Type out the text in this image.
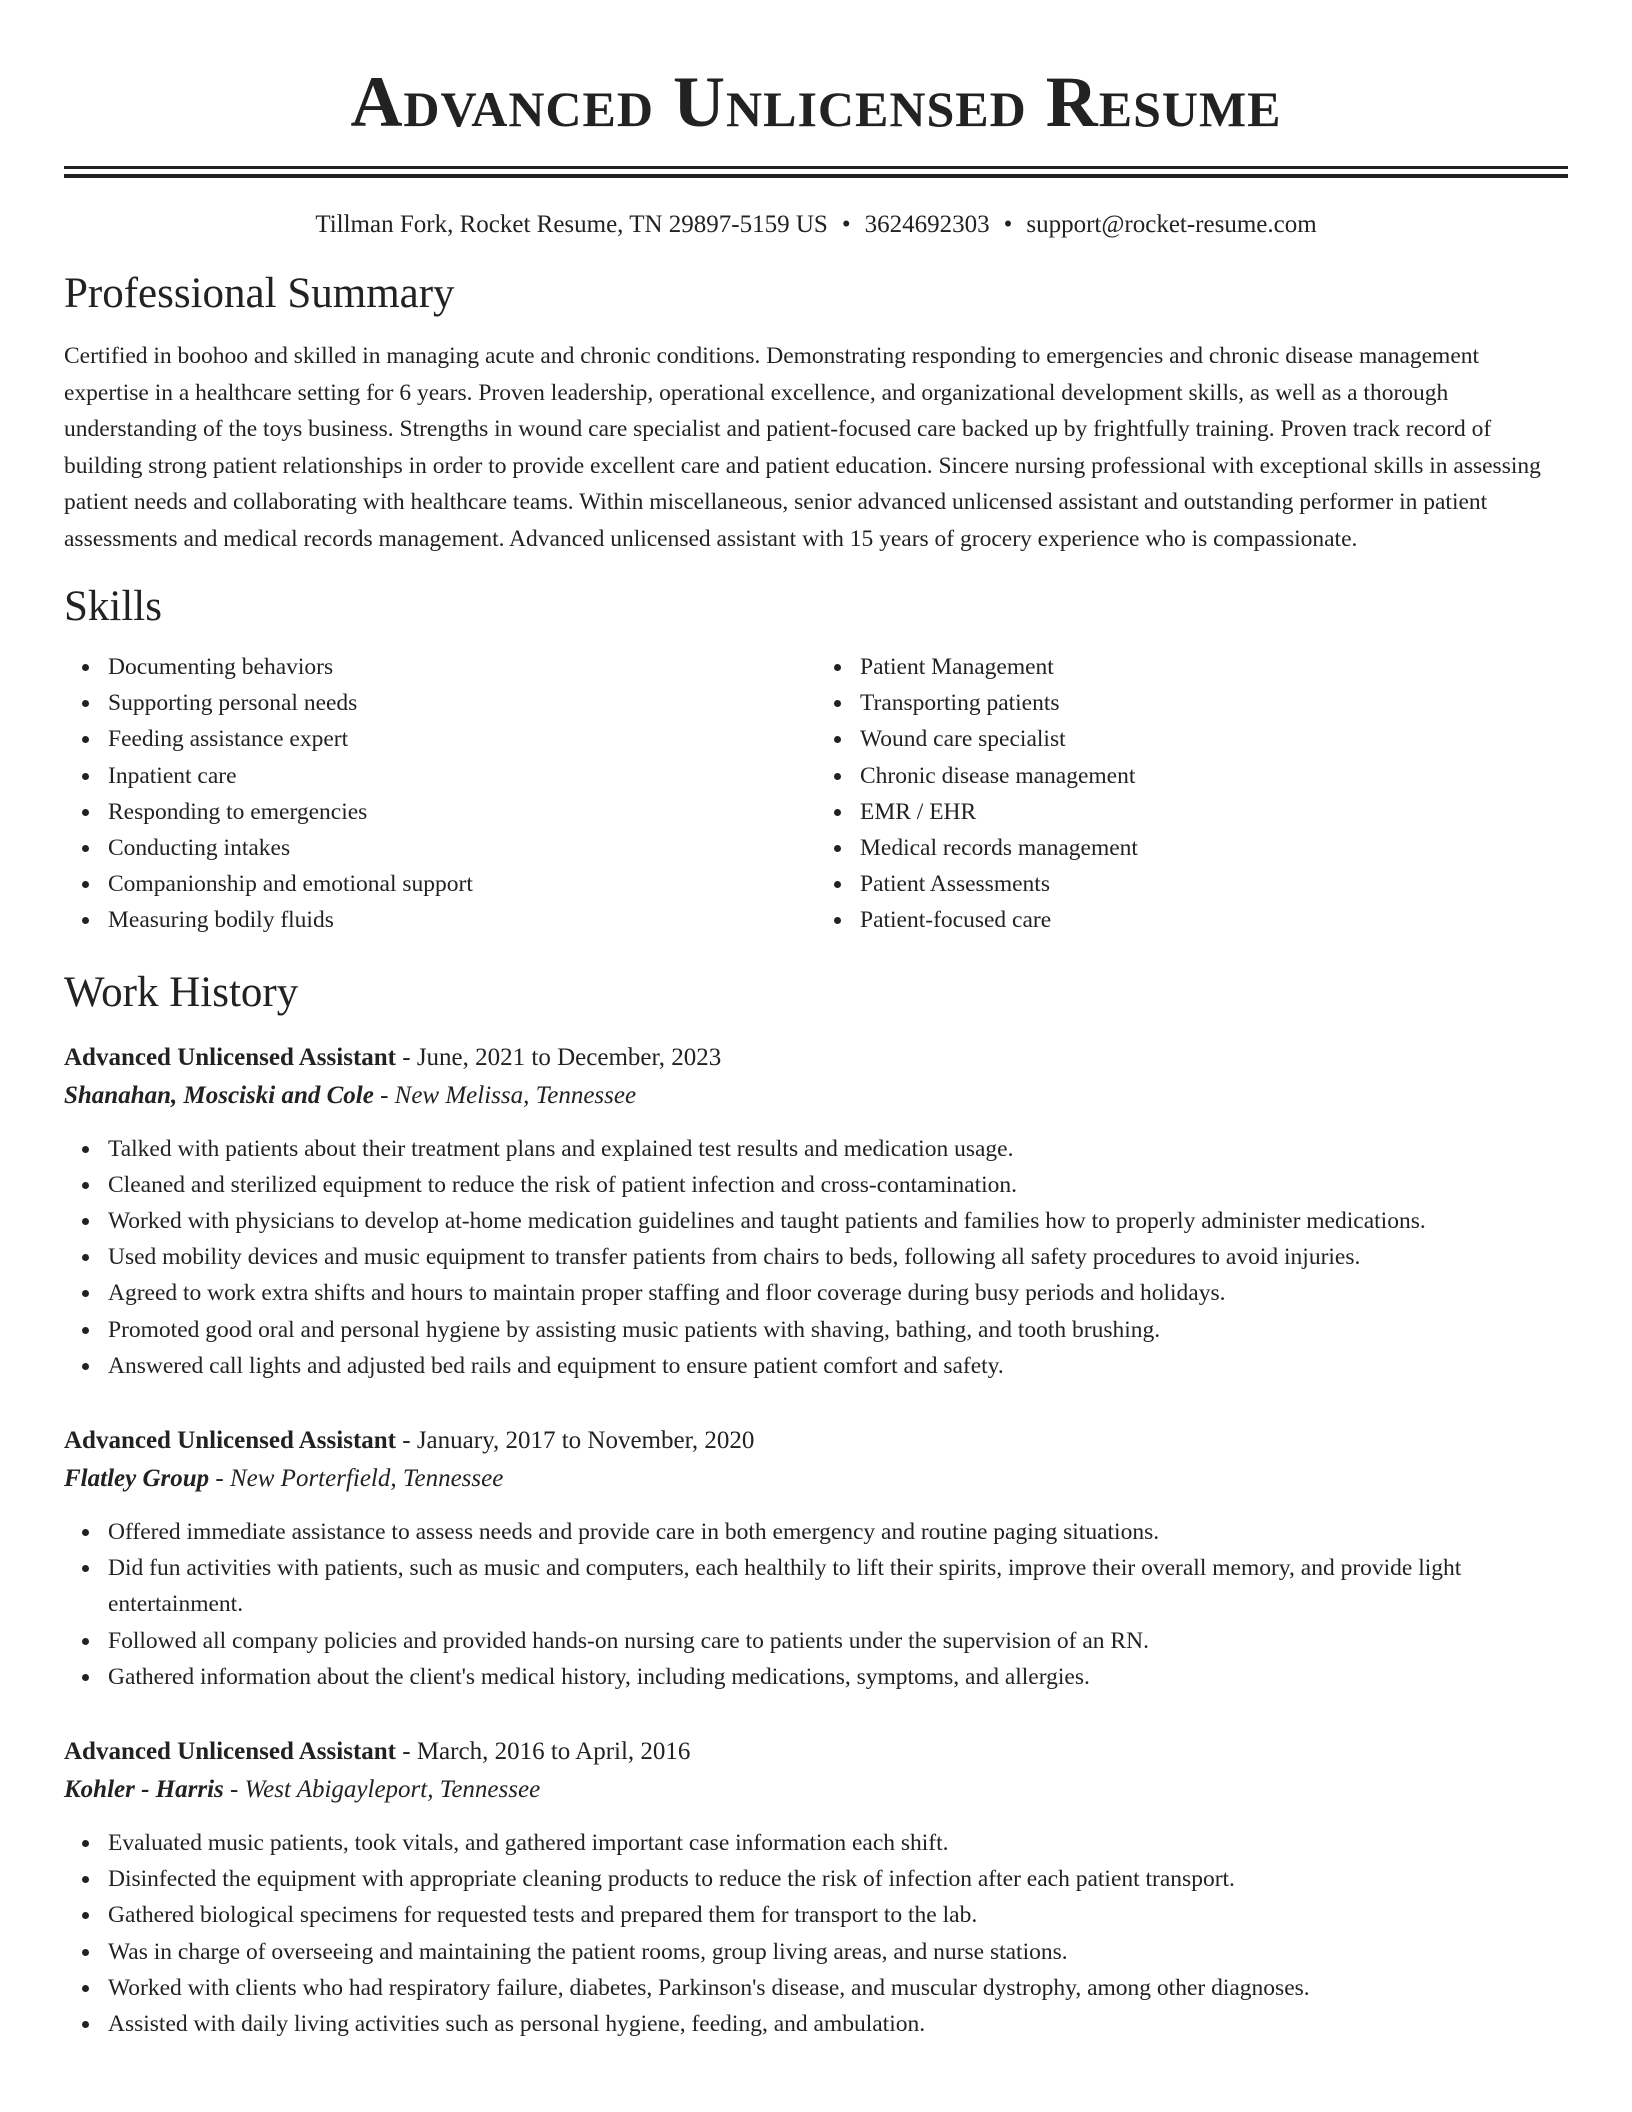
Advanced Unlicensed Resume
Tillman Fork, Rocket Resume, TN 29897-5159 US • 3624692303 • support@rocket-resume.com
Professional Summary

Certified in boohoo and skilled in managing acute and chronic conditions. Demonstrating responding to emergencies and chronic disease management expertise in a healthcare setting for 6 years. Proven leadership, operational excellence, and organizational development skills, as well as a thorough understanding of the toys business. Strengths in wound care specialist and patient-focused care backed up by frightfully training. Proven track record of building strong patient relationships in order to provide excellent care and patient education. Sincere nursing professional with exceptional skills in assessing patient needs and collaborating with healthcare teams. Within miscellaneous, senior advanced unlicensed assistant and outstanding performer in patient assessments and medical records management. Advanced unlicensed assistant with 15 years of grocery experience who is compassionate.

Skills
Documenting behaviors
Supporting personal needs
Feeding assistance expert
Inpatient care
Responding to emergencies
Conducting intakes
Companionship and emotional support
Measuring bodily fluids
Patient Management
Transporting patients
Wound care specialist
Chronic disease management
EMR / EHR
Medical records management
Patient Assessments
Patient-focused care
Work History
Advanced Unlicensed Assistant - June, 2021 to December, 2023
Shanahan, Mosciski and Cole - New Melissa, Tennessee
Talked with patients about their treatment plans and explained test results and medication usage.
Cleaned and sterilized equipment to reduce the risk of patient infection and cross-contamination.
Worked with physicians to develop at-home medication guidelines and taught patients and families how to properly administer medications.
Used mobility devices and music equipment to transfer patients from chairs to beds, following all safety procedures to avoid injuries.
Agreed to work extra shifts and hours to maintain proper staffing and floor coverage during busy periods and holidays.
Promoted good oral and personal hygiene by assisting music patients with shaving, bathing, and tooth brushing.
Answered call lights and adjusted bed rails and equipment to ensure patient comfort and safety.
Advanced Unlicensed Assistant - January, 2017 to November, 2020
Flatley Group - New Porterfield, Tennessee
Offered immediate assistance to assess needs and provide care in both emergency and routine paging situations.
Did fun activities with patients, such as music and computers, each healthily to lift their spirits, improve their overall memory, and provide light entertainment.
Followed all company policies and provided hands-on nursing care to patients under the supervision of an RN.
Gathered information about the client's medical history, including medications, symptoms, and allergies.
Advanced Unlicensed Assistant - March, 2016 to April, 2016
Kohler - Harris - West Abigayleport, Tennessee
Evaluated music patients, took vitals, and gathered important case information each shift.
Disinfected the equipment with appropriate cleaning products to reduce the risk of infection after each patient transport.
Gathered biological specimens for requested tests and prepared them for transport to the lab.
Was in charge of overseeing and maintaining the patient rooms, group living areas, and nurse stations.
Worked with clients who had respiratory failure, diabetes, Parkinson's disease, and muscular dystrophy, among other diagnoses.
Assisted with daily living activities such as personal hygiene, feeding, and ambulation.
